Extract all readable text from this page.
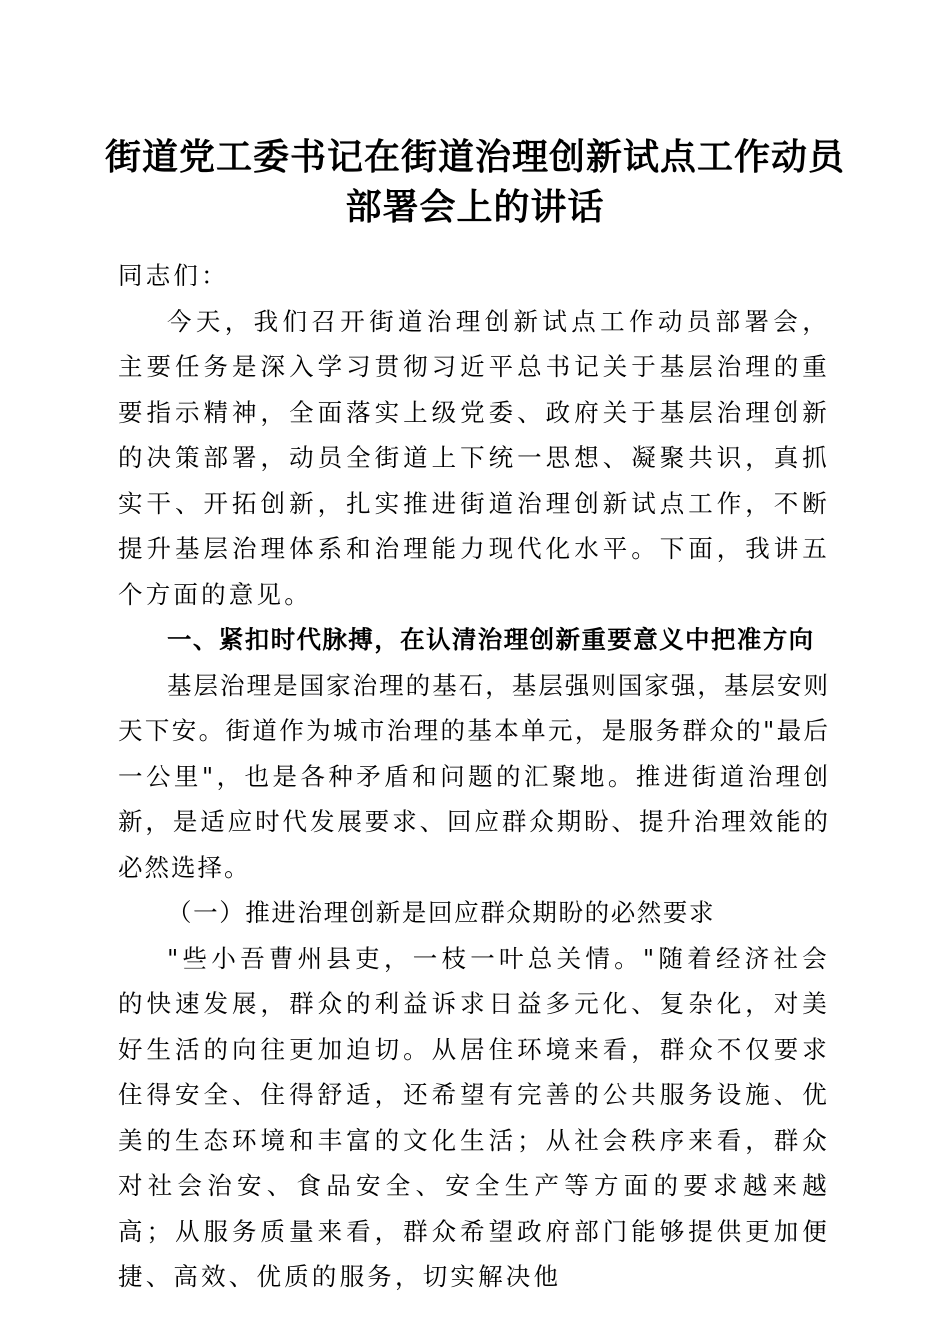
街道党工委书记在街道治理创新试点工作动员
部署会上的讲话

同志们：

今天，我们召开街道治理创新试点工作动员部署会，主要任务是深入学习贯彻习近平总书记关于基层治理的重要指示精神，全面落实上级党委、政府关于基层治理创新的决策部署，动员全街道上下统一思想、凝聚共识，真抓实干、开拓创新，扎实推进街道治理创新试点工作，不断提升基层治理体系和治理能力现代化水平。下面，我讲五个方面的意见。

一、紧扣时代脉搏，在认清治理创新重要意义中把准方向

基层治理是国家治理的基石，基层强则国家强，基层安则天下安。街道作为城市治理的基本单元，是服务群众的"最后一公里"，也是各种矛盾和问题的汇聚地。推进街道治理创新，是适应时代发展要求、回应群众期盼、提升治理效能的必然选择。

（一）推进治理创新是回应群众期盼的必然要求

"些小吾曹州县吏，一枝一叶总关情。"随着经济社会的快速发展，群众的利益诉求日益多元化、复杂化，对美好生活的向往更加迫切。从居住环境来看，群众不仅要求住得安全、住得舒适，还希望有完善的公共服务设施、优美的生态环境和丰富的文化生活；从社会秩序来看，群众对社会治安、食品安全、安全生产等方面的要求越来越高；从服务质量来看，群众希望政府部门能够提供更加便捷、高效、优质的服务，切实解决他
